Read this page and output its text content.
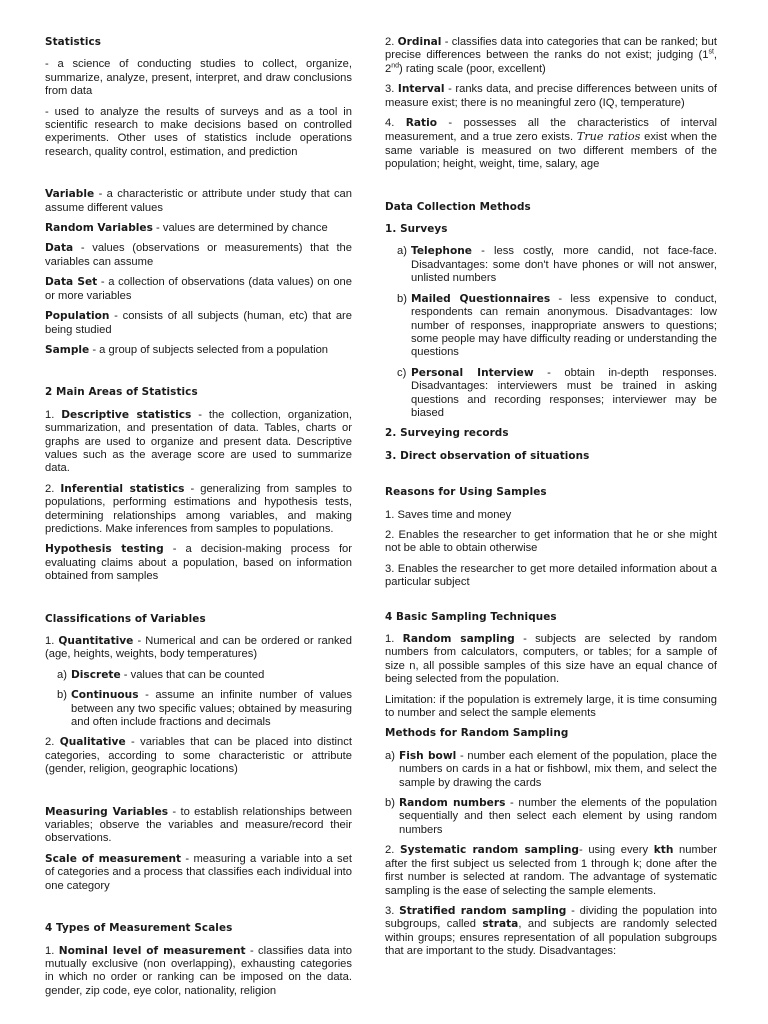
Statistics

- a science of conducting studies to collect, organize, summarize, analyze, present, interpret, and draw conclusions from data

- used to analyze the results of surveys and as a tool in scientific research to make decisions based on controlled experiments. Other uses of statistics include operations research, quality control, estimation, and prediction

Variable - a characteristic or attribute under study that can assume different values

Random Variables - values are determined by chance

Data - values (observations or measurements) that the variables can assume

Data Set - a collection of observations (data values) on one or more variables

Population - consists of all subjects (human, etc) that are being studied

Sample - a group of subjects selected from a population

2 Main Areas of Statistics

1. Descriptive statistics - the collection, organization, summarization, and presentation of data. Tables, charts or graphs are used to organize and present data. Descriptive values such as the average score are used to summarize data.

2. Inferential statistics - generalizing from samples to populations, performing estimations and hypothesis tests, determining relationships among variables, and making predictions. Make inferences from samples to populations.

Hypothesis testing - a decision-making process for evaluating claims about a population, based on information obtained from samples

Classifications of Variables

1. Quantitative - Numerical and can be ordered or ranked (age, heights, weights, body temperatures)

a) Discrete - values that can be counted
b) Continuous - assume an infinite number of values between any two specific values; obtained by measuring and often include fractions and decimals

2. Qualitative - variables that can be placed into distinct categories, according to some characteristic or attribute (gender, religion, geographic locations)

Measuring Variables - to establish relationships between variables; observe the variables and measure/record their observations.

Scale of measurement - measuring a variable into a set of categories and a process that classifies each individual into one category

4 Types of Measurement Scales

1. Nominal level of measurement - classifies data into mutually exclusive (non overlapping), exhausting categories in which no order or ranking can be imposed on the data. gender, zip code, eye color, nationality, religion

2. Ordinal - classifies data into categories that can be ranked; but precise differences between the ranks do not exist; judging (1st, 2nd) rating scale (poor, excellent)

3. Interval - ranks data, and precise differences between units of measure exist; there is no meaningful zero (IQ, temperature)

4. Ratio - possesses all the characteristics of interval measurement, and a true zero exists. True ratios exist when the same variable is measured on two different members of the population; height, weight, time, salary, age

Data Collection Methods
1. Surveys
a) Telephone - less costly, more candid, not face-face. Disadvantages: some don't have phones or will not answer, unlisted numbers
b) Mailed Questionnaires - less expensive to conduct, respondents can remain anonymous. Disadvantages: low number of responses, inappropriate answers to questions; some people may have difficulty reading or understanding the questions
c) Personal Interview - obtain in-depth responses. Disadvantages: interviewers must be trained in asking questions and recording responses; interviewer may be biased
2. Surveying records
3. Direct observation of situations
Reasons for Using Samples

1. Saves time and money

2. Enables the researcher to get information that he or she might not be able to obtain otherwise

3. Enables the researcher to get more detailed information about a particular subject

4 Basic Sampling Techniques

1. Random sampling - subjects are selected by random numbers from calculators, computers, or tables; for a sample of size n, all possible samples of this size have an equal chance of being selected from the population.

Limitation: if the population is extremely large, it is time consuming to number and select the sample elements

Methods for Random Sampling
a) Fish bowl - number each element of the population, place the numbers on cards in a hat or fishbowl, mix them, and select the sample by drawing the cards
b) Random numbers - number the elements of the population sequentially and then select each element by using random numbers

2. Systematic random sampling- using every kth number after the first subject us selected from 1 through k; done after the first number is selected at random. The advantage of systematic sampling is the ease of selecting the sample elements.

3. Stratified random sampling - dividing the population into subgroups, called strata, and subjects are randomly selected within groups; ensures representation of all population subgroups that are important to the study. Disadvantages:
